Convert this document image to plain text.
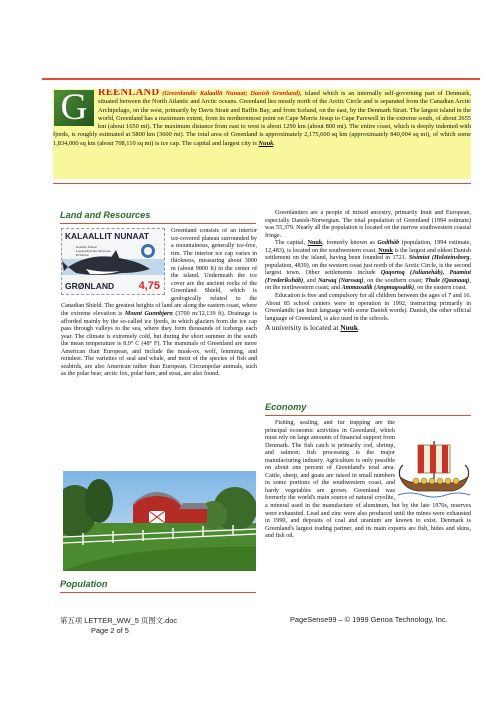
G	REENLAND (Greenlandic Kalaallit Nunaat; Danish Grønland), island which is an internally self-governing part of Denmark, situated between the North Atlantic and Arctic oceans. Greenland lies mostly north of the Arctic Circle and is separated from the Canadian Arctic Archipelago, on the west, primarily by Davis Strait and Baffin Bay, and from Iceland, on the east, by the Denmark Strait. The largest island in the world, Greenland has a maximum extent, from its northernmost point on Cape Morris Jesup to Cape Farewell in the extreme south, of about 2655 km (about 1650 mi). The maximum distance from east to west is about 1290 km (about 800 mi). The entire coast, which is deeply indented with fjords, is roughly estimated at 5800 km (3600 mi). The total area of Greenland is approximately 2,175,600 sq km (approximately 840,004 sq mi), of which some 1,834,000 sq km (about 708,110 sq mi) is ice cap. The capital and largest city is Nuuk.
Land and Resources
KALAALLIT NUNAAT
Kalaallit Nunaat
Lagenorhynchus albirostris
Hvidnæse
GRØNLAND 4,75

Greenland consists of an interior ice-covered plateau surrounded by a mountainous, generally ice-free, rim. The interior ice cap varies in thickness, measuring about 3000 m (about 9800 ft) in the center of the island. Underneath the ice cover are the ancient rocks of the Greenland Shield, which is geologically related to the Canadian Shield. The greatest heights of land are along the eastern coast, where the extreme elevation is Mount Gunnbjørn (3700 m/12,139 ft). Drainage is afforded mainly by the so-called ice fjords, in which glaciers from the ice cap pass through valleys to the sea, where they form thousands of icebergs each year. The climate is extremely cold, but during the short summer in the south the mean temperature is 8.9° C (48° F). The mammals of Greenland are more American than European, and include the musk-ox, wolf, lemming, and reindeer. The varieties of seal and whale, and most of the species of fish and seabirds, are also American rather than European. Circumpolar animals, such as the polar bear, arctic fox, polar hare, and stoat, are also found.

Population

Greenlanders are a people of mixed ancestry, primarily Inuit and European, especially Danish-Norwegian. The total population of Greenland (1994 estimate) was 55,379. Nearly all the population is located on the narrow southwestern coastal fringe.

The capital, Nuuk, formerly known as Godthåb (population, 1994 estimate, 12,483), is located on the southwestern coast. Nuuk is the largest and oldest Danish settlement on the island, having been founded in 1721. Sisimiut (Holsteinsborg, population, 4839), on the western coast just north of the Arctic Circle, is the second largest town. Other settlements include Qaqortoq (Julianehåb), Paamiut (Frederikshåb), and Narsaq (Narssaq), on the southern coast; Thule (Qaanaaq), on the northwestern coast; and Ammassalik (Angmagssalik), on the eastern coast.

Education is free and compulsory for all children between the ages of 7 and 16. About 85 school centers were in operation in 1992, instructing primarily in Greenlandic (an Inuit language with some Danish words). Danish, the other official language of Greenland, is also used in the schools.

A university is located at Nuuk.

Economy

Fishing, sealing, and fur trapping are the principal economic activities in Greenland, which must rely on large amounts of financial support from Denmark. The fish catch is primarily cod, shrimp, and salmon; fish processing is the major manufacturing industry. Agriculture is only possible on about one percent of Greenland's total area. Cattle, sheep, and goats are raised in small numbers in some portions of the southwestern coast, and hardy vegetables are grown. Greenland was formerly the world's main source of natural cryolite, a mineral used in the manufacture of aluminum, but by the late 1970s, reserves were exhausted. Lead and zinc were also produced until the mines were exhausted in 1990, and deposits of coal and uranium are known to exist. Denmark is Greenland's largest trading partner, and its main exports are fish, hides and skins, and fish oil.

第五项 LETTER_WW_5 页图文.doc
Page 2 of 5
PageSense99 – © 1999 Genoa Technology, Inc.
